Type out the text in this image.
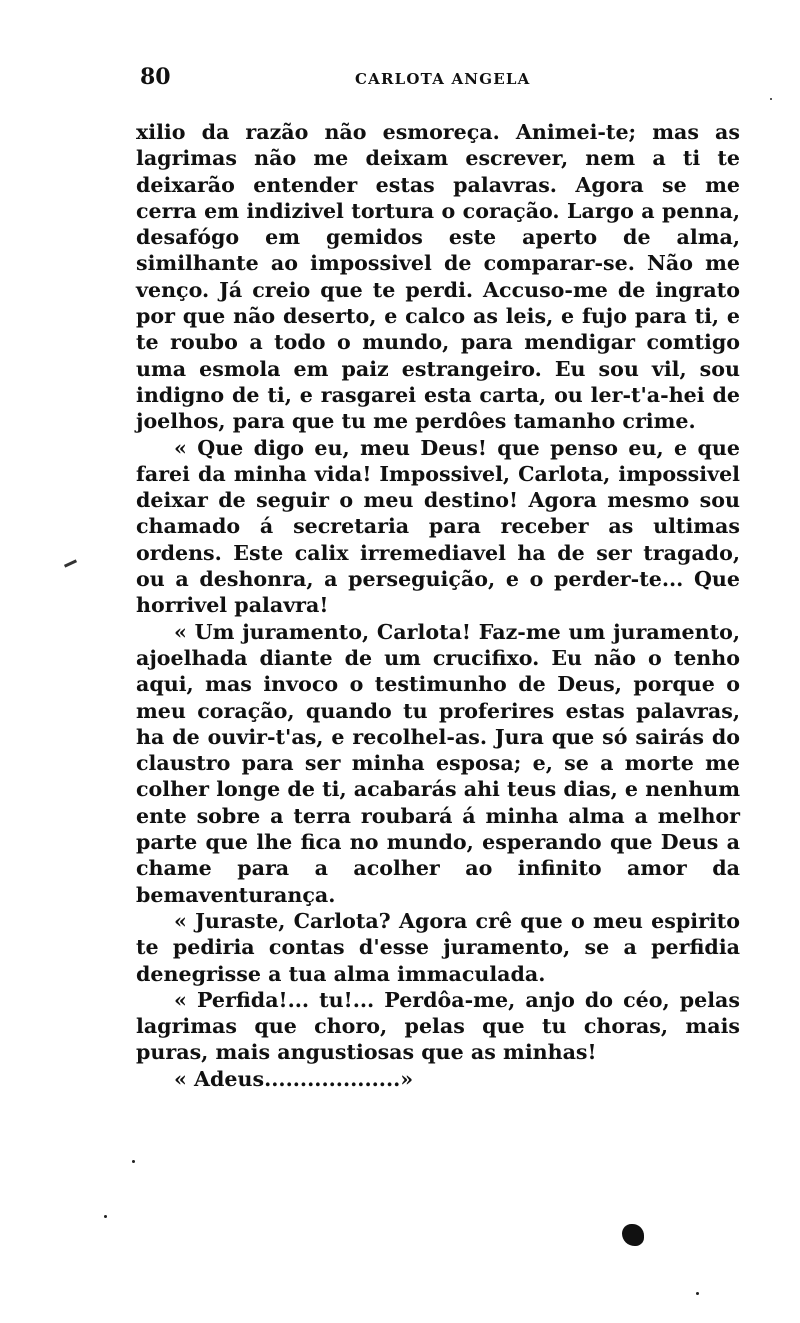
80	CARLOTA ANGELA

xilio da razão não esmoreça. Animei-te; mas as lagrimas não me deixam escrever, nem a ti te deixarão entender estas palavras. Agora se me cerra em indizivel tortura o coração. Largo a penna, desafógo em gemidos este aperto de alma, similhante ao impossivel de comparar-se. Não me venço. Já creio que te perdi. Accuso-me de ingrato por que não deserto, e calco as leis, e fujo para ti, e te roubo a todo o mundo, para mendigar comtigo uma esmola em paiz estrangeiro. Eu sou vil, sou indigno de ti, e rasgarei esta carta, ou ler-t'a-hei de joelhos, para que tu me perdôes tamanho crime.

« Que digo eu, meu Deus! que penso eu, e que farei da minha vida! Impossivel, Carlota, impossivel deixar de seguir o meu destino! Agora mesmo sou chamado á secretaria para receber as ultimas ordens. Este calix irremediavel ha de ser tragado, ou a deshonra, a perseguição, e o perder-te... Que horrivel palavra!

« Um juramento, Carlota! Faz-me um juramento, ajoelhada diante de um crucifixo. Eu não o tenho aqui, mas invoco o testimunho de Deus, porque o meu coração, quando tu proferires estas palavras, ha de ouvir-t'as, e recolhel-as. Jura que só sairás do claustro para ser minha esposa; e, se a morte me colher longe de ti, acabarás ahi teus dias, e nenhum ente sobre a terra roubará á minha alma a melhor parte que lhe fica no mundo, esperando que Deus a chame para a acolher ao infinito amor da bemaventurança.

« Juraste, Carlota? Agora crê que o meu espirito te pediria contas d'esse juramento, se a perfidia denegrisse a tua alma immaculada.

« Perfida!... tu!... Perdôa-me, anjo do céo, pelas lagrimas que choro, pelas que tu choras, mais puras, mais angustiosas que as minhas!

« Adeus...................»
